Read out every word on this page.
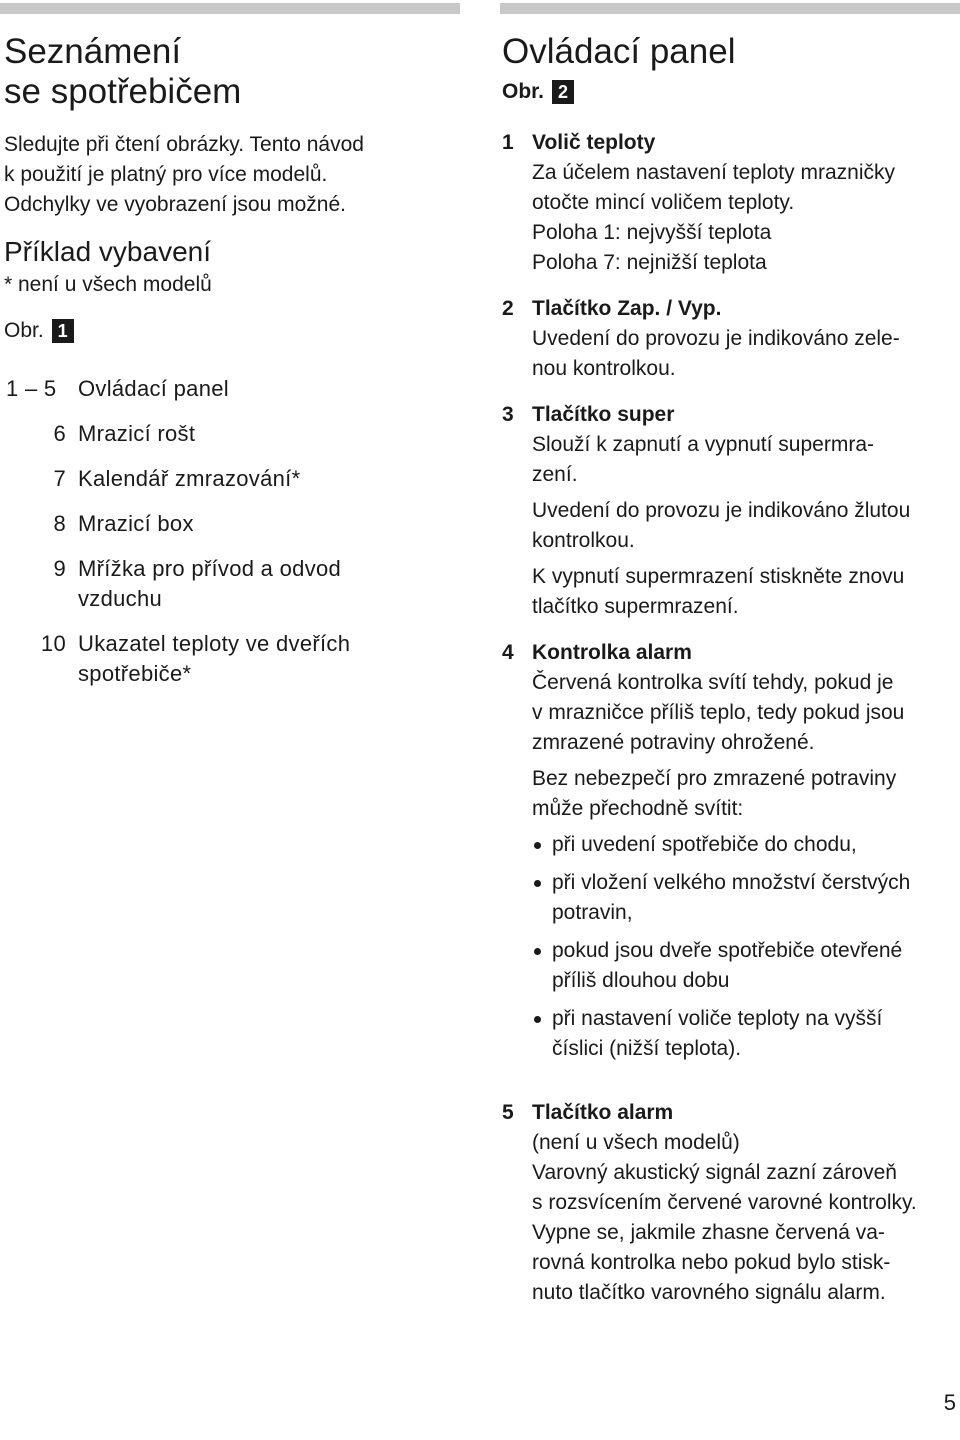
Seznámení
se spotřebičem
Sledujte při čtení obrázky. Tento návod
k použití je platný pro více modelů.
Odchylky ve vyobrazení jsou možné.
Příklad vybavení
* není u všech modelů
Obr. 1
1 – 5 Ovládací panel
6 Mrazicí rošt
7 Kalendář zmrazování*
8 Mrazicí box
9 Mřížka pro přívod a odvod
vzduchu
10 Ukazatel teploty ve dveřích
spotřebiče*
Ovládací panel
Obr. 2
1 Volič teploty
Za účelem nastavení teploty mrazničky
otočte mincí voličem teploty.
Poloha 1: nejvyšší teplota
Poloha 7: nejnižší teplota
2 Tlačítko Zap. / Vyp.
Uvedení do provozu je indikováno zele-
nou kontrolkou.
3 Tlačítko super
Slouží k zapnutí a vypnutí supermra-
zení.
Uvedení do provozu je indikováno žlutou
kontrolkou.
K vypnutí supermrazení stiskněte znovu
tlačítko supermrazení.
4 Kontrolka alarm
Červená kontrolka svítí tehdy, pokud je
v mrazničce příliš teplo, tedy pokud jsou
zmrazené potraviny ohrožené.
Bez nebezpečí pro zmrazené potraviny
může přechodně svítit:
při uvedení spotřebiče do chodu,
při vložení velkého množství čerstvých
potravin,
pokud jsou dveře spotřebiče otevřené
příliš dlouhou dobu
při nastavení voliče teploty na vyšší
číslici (nižší teplota).
5 Tlačítko alarm
(není u všech modelů)
Varovný akustický signál zazní zároveň
s rozsvícením červené varovné kontrolky.
Vypne se, jakmile zhasne červená va-
rovná kontrolka nebo pokud bylo stisk-
nuto tlačítko varovného signálu alarm.
5
